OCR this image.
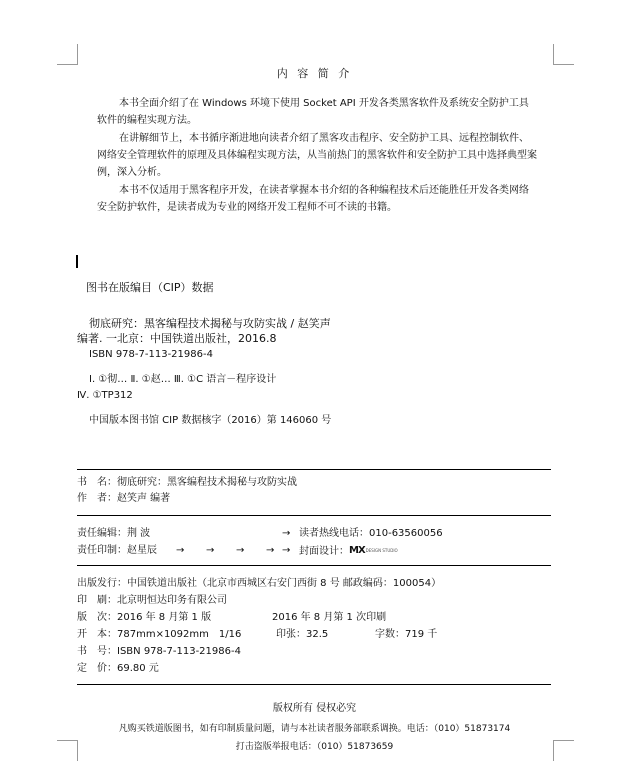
内 容 简 介
本书全面介绍了在 Windows 环境下使用 Socket API 开发各类黑客软件及系统安全防护工具软件的编程实现方法。
在讲解细节上，本书循序渐进地向读者介绍了黑客攻击程序、安全防护工具、远程控制软件、网络安全管理软件的原理及具体编程实现方法，从当前热门的黑客软件和安全防护工具中选择典型案例，深入分析。
本书不仅适用于黑客程序开发，在读者掌握本书介绍的各种编程技术后还能胜任开发各类网络安全防护软件，是读者成为专业的网络开发工程师不可不读的书籍。
图书在版编目（CIP）数据
彻底研究：黑客编程技术揭秘与攻防实战 / 赵笑声
编著. 一北京：中国铁道出版社，2016.8
ISBN 978-7-113-21986-4
Ⅰ. ①彻… Ⅱ. ①赵… Ⅲ. ①C 语言－程序设计
Ⅳ. ①TP312
中国版本图书馆 CIP 数据核字（2016）第 146060 号
书　名：彻底研究：黑客编程技术揭秘与攻防实战
作　者：赵笑声 编著
责任编辑：荆 波	→ 读者热线电话：010-63560056
责任印制：赵星辰 → → → → → 封面设计：MXDESIGN STUDIO
出版发行：中国铁道出版社（北京市西城区右安门西街 8 号 邮政编码：100054）
印　刷：北京明恒达印务有限公司
版　次：2016 年 8 月第 1 版	2016 年 8 月第 1 次印刷
开　本：787mm×1092mm　1/16	印张：32.5	字数：719 千
书　号：ISBN 978-7-113-21986-4
定　价：69.80 元
版权所有 侵权必究
凡购买铁道版图书，如有印制质量问题，请与本社读者服务部联系调换。电话：（010）51873174
打击盗版举报电话：（010）51873659
